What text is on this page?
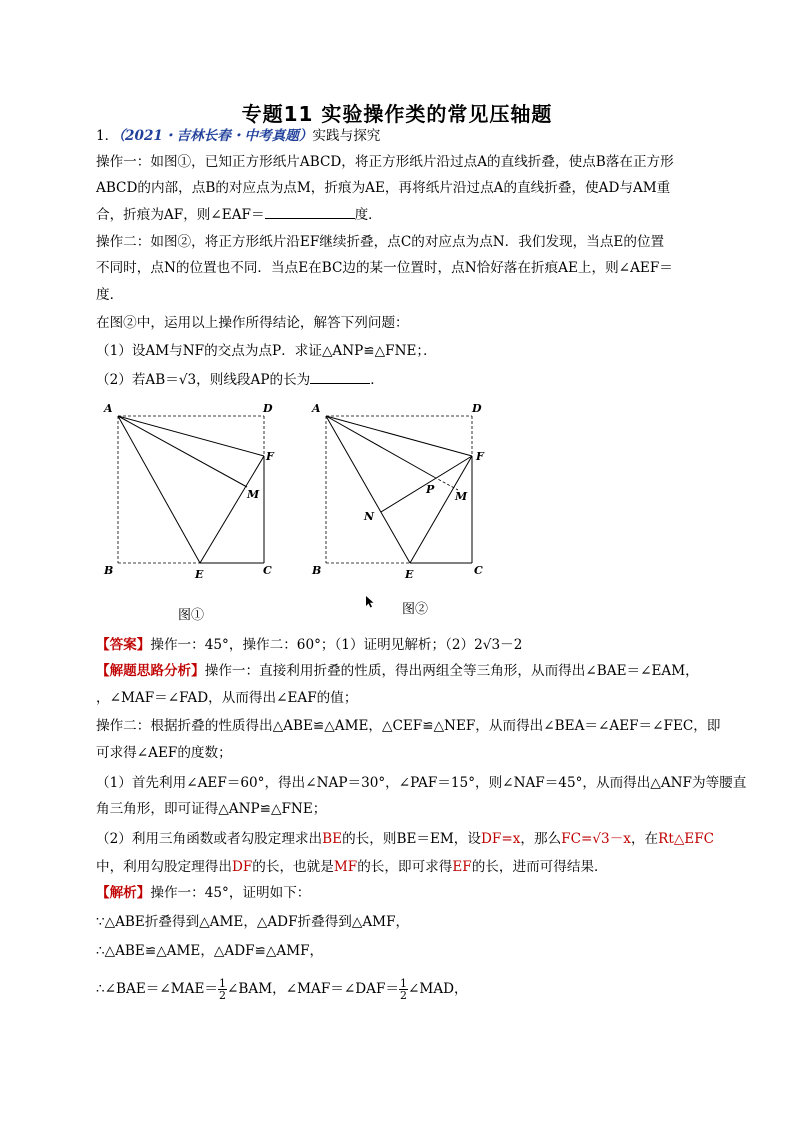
专题11 实验操作类的常见压轴题
1．（2021・吉林长春・中考真题）实践与探究
操作一：如图①，已知正方形纸片ABCD，将正方形纸片沿过点A的直线折叠，使点B落在正方形
ABCD的内部，点B的对应点为点M，折痕为AE，再将纸片沿过点A的直线折叠，使AD与AM重
合，折痕为AF，则∠EAF＝	度．
操作二：如图②，将正方形纸片沿EF继续折叠，点C的对应点为点N．我们发现，当点E的位置
不同时，点N的位置也不同．当点E在BC边的某一位置时，点N恰好落在折痕AE上，则∠AEF＝
度．
在图②中，运用以上操作所得结论，解答下列问题：
（1）设AM与NF的交点为点P．求证△ANP≌△FNE；．
（2）若AB＝√3，则线段AP的长为	．
A	D
F
M
B	E	C
A	D
F
P
M
N
B	E	C
图①	图②
【答案】操作一：45°，操作二：60°；（1）证明见解析；（2）2√3－2
【解题思路分析】操作一：直接利用折叠的性质，得出两组全等三角形，从而得出∠BAE＝∠EAM，
，∠MAF＝∠FAD，从而得出∠EAF的值；
操作二：根据折叠的性质得出△ABE≌△AME，△CEF≌△NEF，从而得出∠BEA＝∠AEF＝∠FEC，即
可求得∠AEF的度数；
（1）首先利用∠AEF＝60°，得出∠NAP＝30°，∠PAF＝15°，则∠NAF＝45°，从而得出△ANF为等腰直
角三角形，即可证得△ANP≌△FNE；
（2）利用三角函数或者勾股定理求出BE的长，则BE＝EM，设DF=x，那么FC=√3－x，在Rt△EFC
中，利用勾股定理得出DF的长，也就是MF的长，即可求得EF的长，进而可得结果．
【解析】操作一：45°，证明如下：
∵△ABE折叠得到△AME，△ADF折叠得到△AMF，
∴△ABE≌△AME，△ADF≌△AMF，
∴∠BAE＝∠MAE＝ $\frac{1}{2}$ ∠BAM，∠MAF＝∠DAF＝ $\frac{1}{2}$ ∠MAD，
